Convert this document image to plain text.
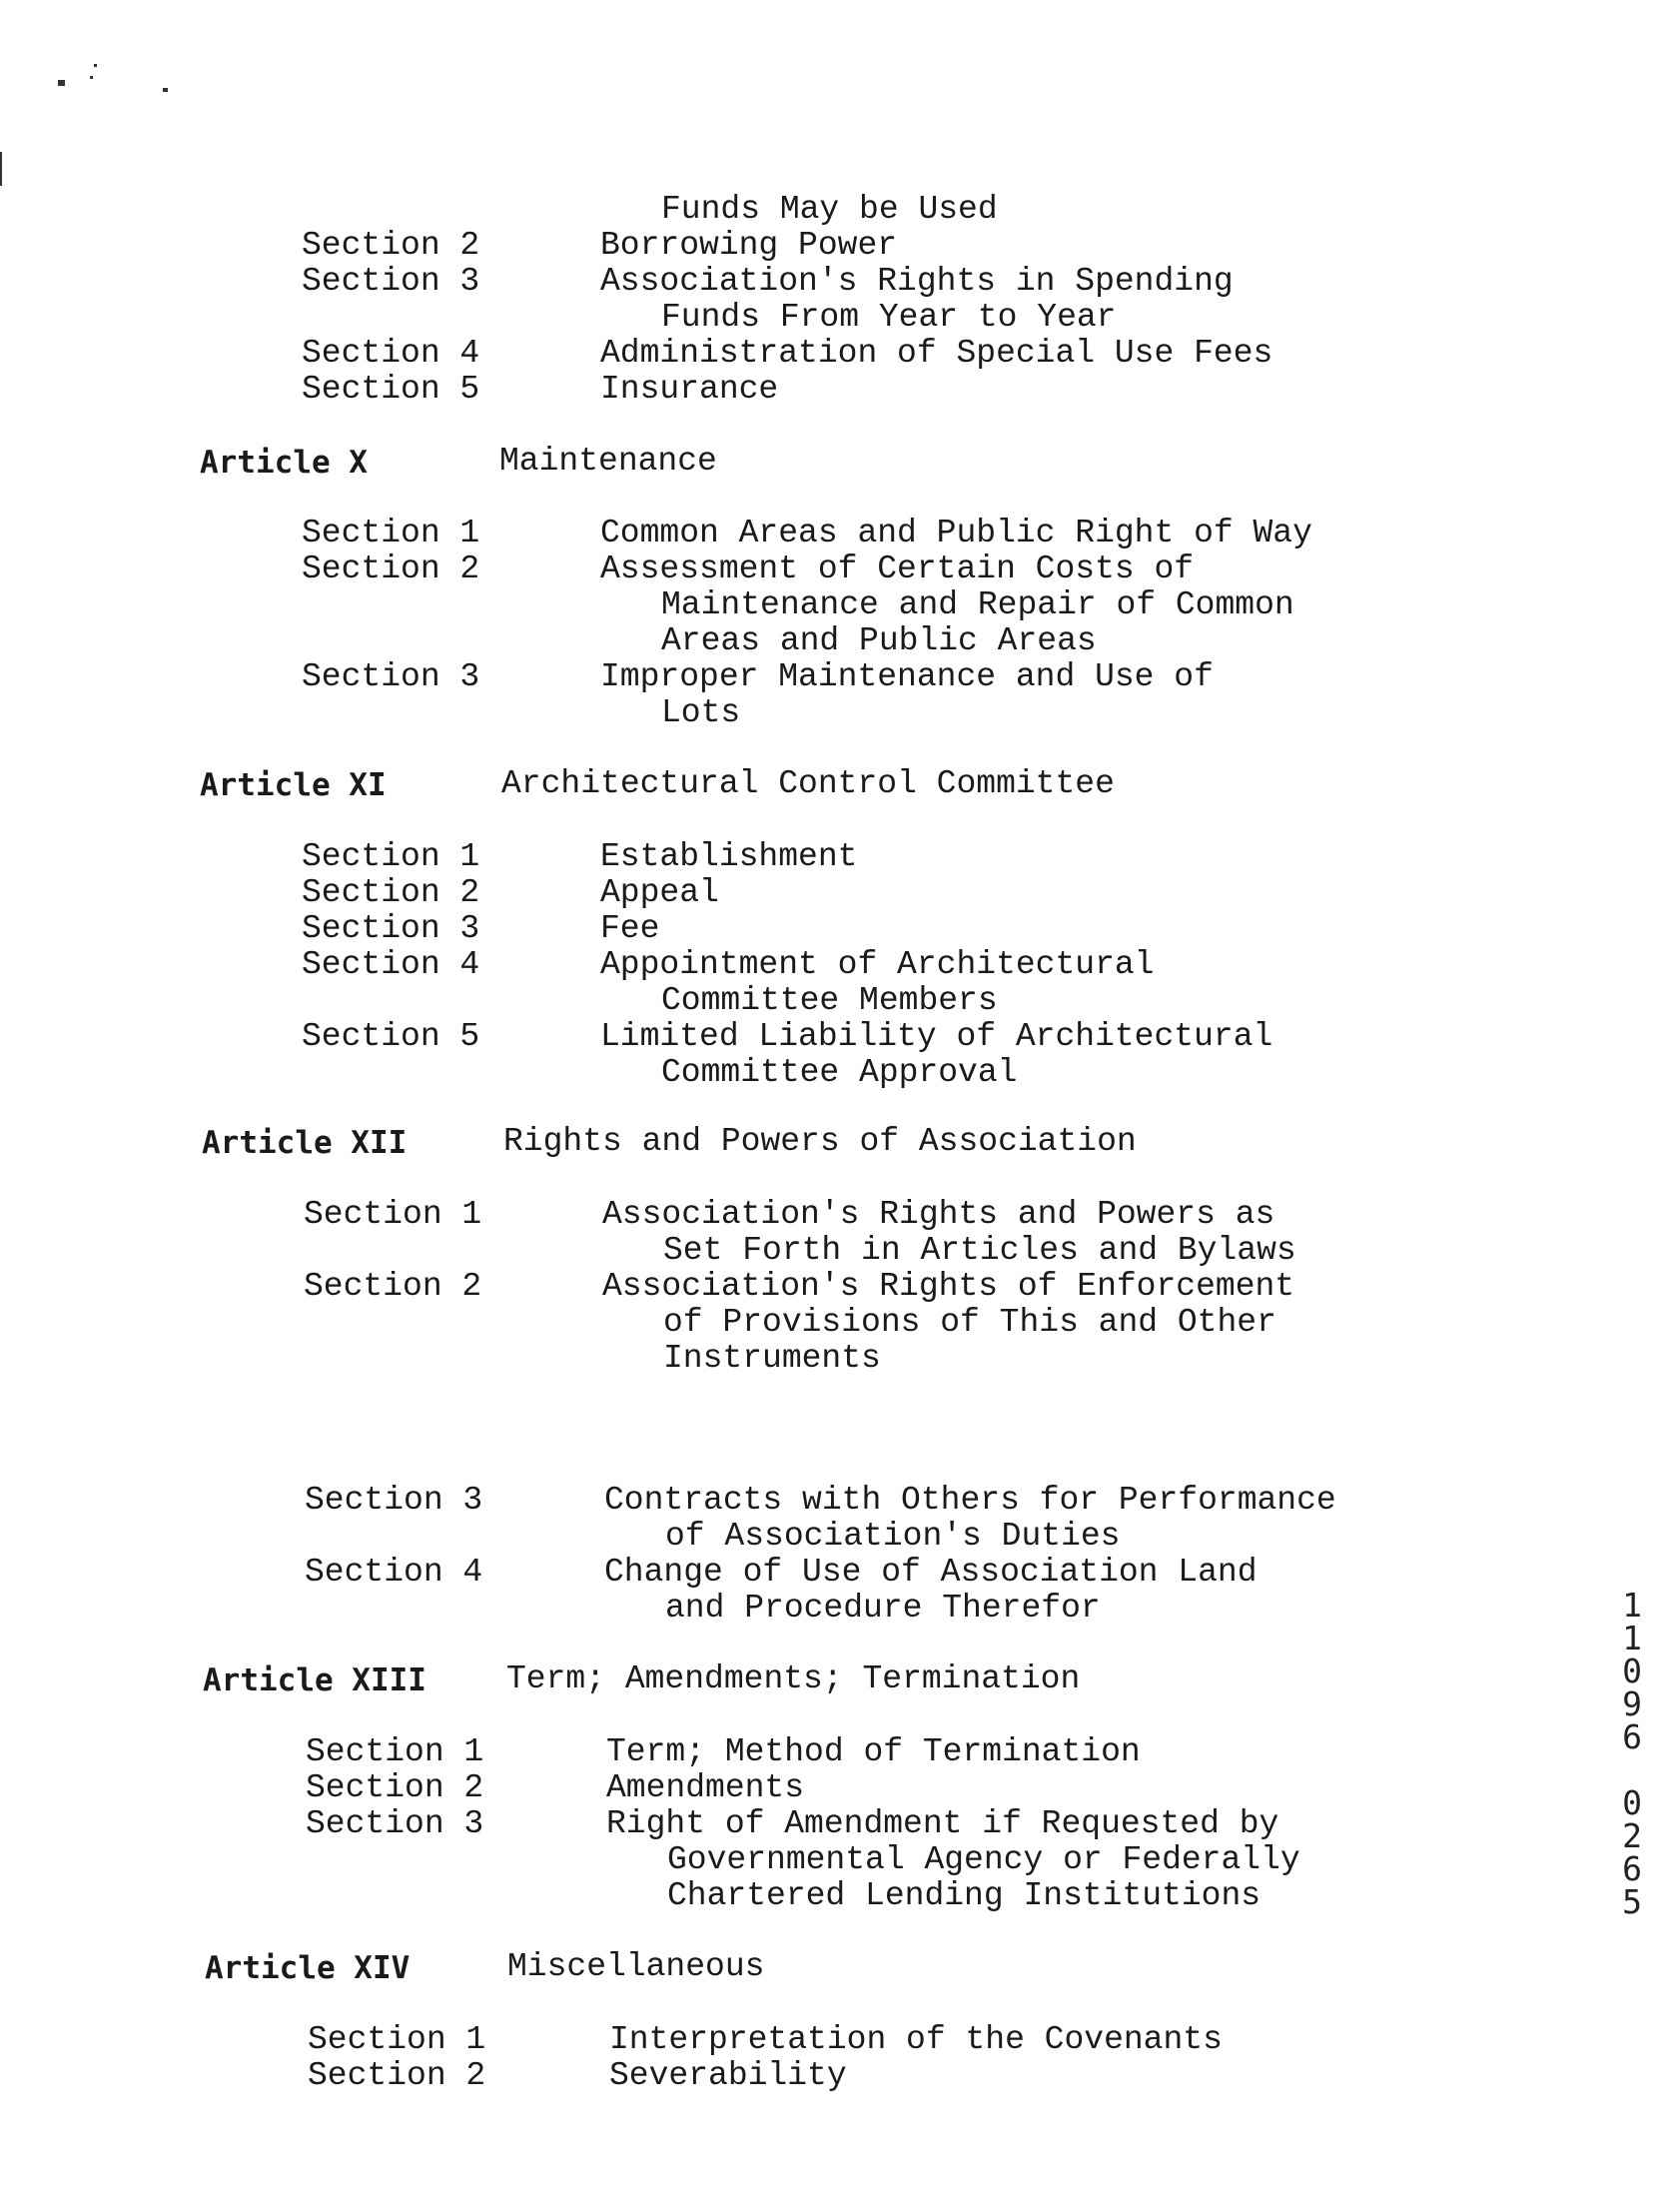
Funds May be Used
Section 2	Borrowing Power
Section 3	Association's Rights in Spending
Funds From Year to Year
Section 4	Administration of Special Use Fees
Section 5	Insurance
Article X	Maintenance
Section 1	Common Areas and Public Right of Way
Section 2	Assessment of Certain Costs of
Maintenance and Repair of Common
Areas and Public Areas
Section 3	Improper Maintenance and Use of
Lots
Article XI	Architectural Control Committee
Section 1	Establishment
Section 2	Appeal
Section 3	Fee
Section 4	Appointment of Architectural
Committee Members
Section 5	Limited Liability of Architectural
Committee Approval
Article XII	Rights and Powers of Association
Section 1	Association's Rights and Powers as
Set Forth in Articles and Bylaws
Section 2	Association's Rights of Enforcement
of Provisions of This and Other
Instruments
Section 3	Contracts with Others for Performance
of Association's Duties
Section 4	Change of Use of Association Land
and Procedure Therefor
Article XIII Term; Amendments; Termination
Section 1	Term; Method of Termination
Section 2	Amendments
Section 3	Right of Amendment if Requested by
Governmental Agency or Federally
Chartered Lending Institutions
Article XIV	Miscellaneous
Section 1	Interpretation of the Covenants
Section 2	Severability
1
1
0
9
6

0
2
6
5
